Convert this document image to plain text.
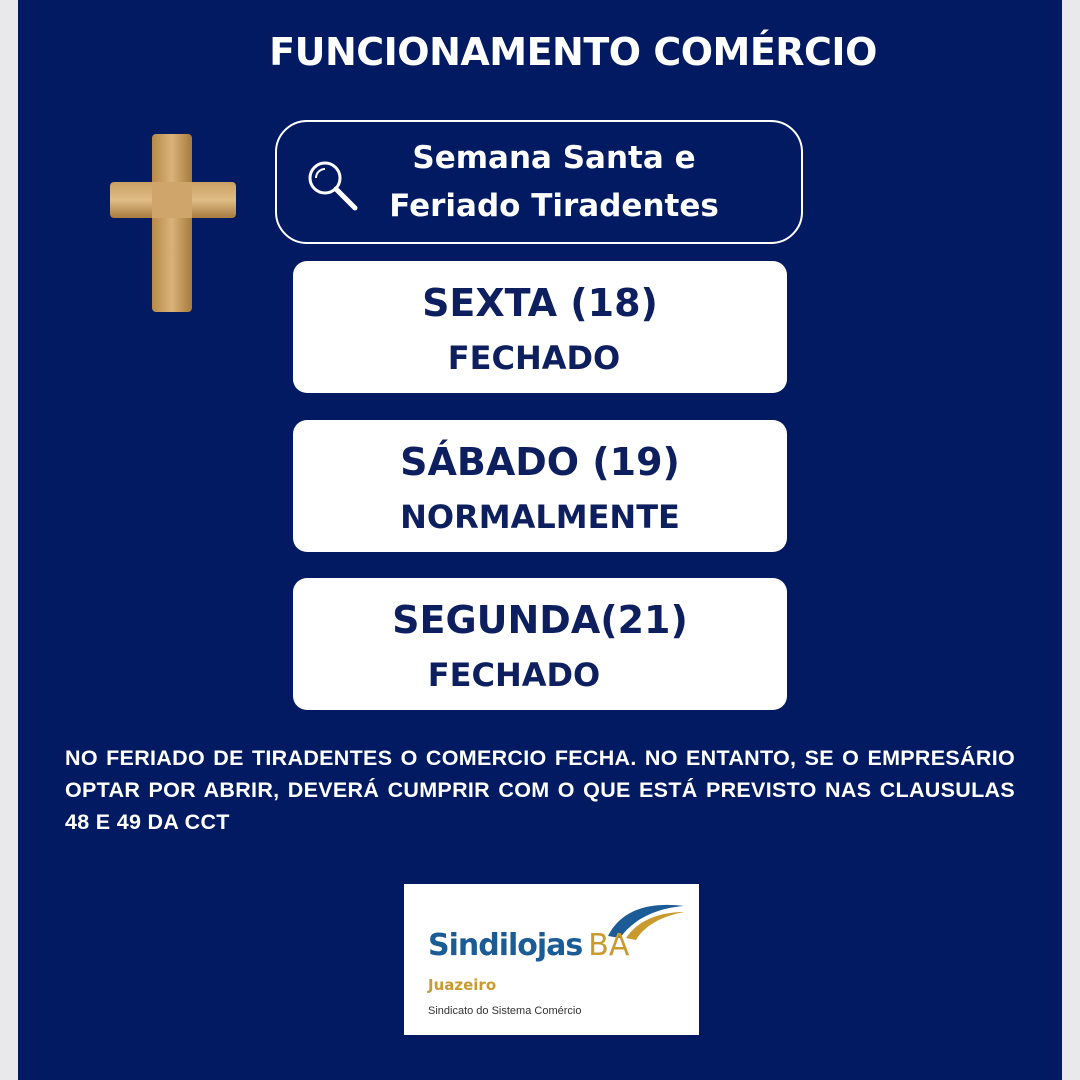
FUNCIONAMENTO COMÉRCIO
Semana Santa e
Feriado Tiradentes
SEXTA (18)
FECHADO
SÁBADO (19)
NORMALMENTE
SEGUNDA(21)
FECHADO
NO FERIADO DE TIRADENTES O COMERCIO FECHA. NO ENTANTO, SE O EMPRESÁRIO OPTAR POR ABRIR, DEVERÁ CUMPRIR COM O QUE ESTÁ PREVISTO NAS CLAUSULAS 48 E 49 DA CCT
Sindilojas BA
Juazeiro
Sindicato do Sistema Comércio
